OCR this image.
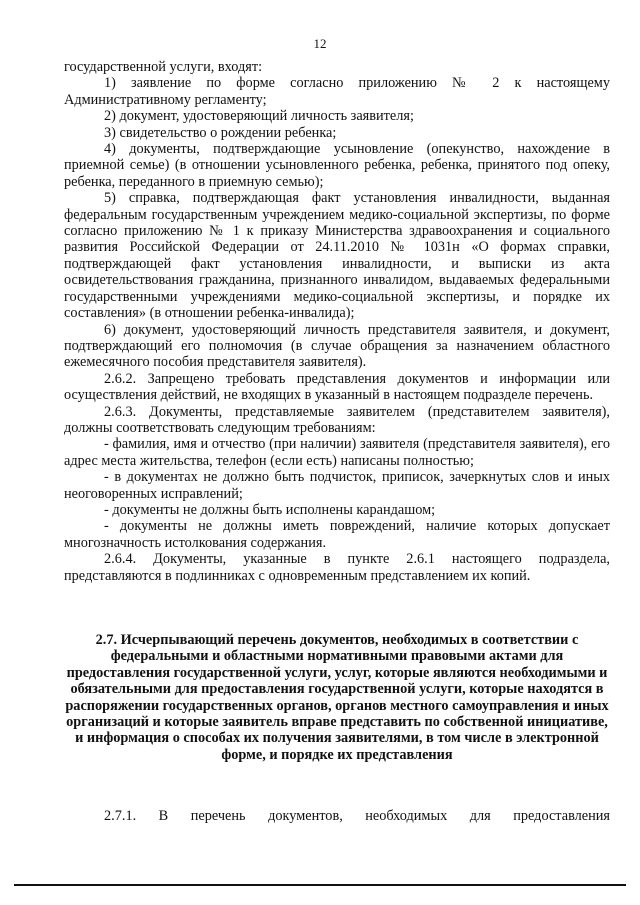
12

государственной услуги, входят:

1) заявление по форме согласно приложению № 2 к настоящему Административному регламенту;

2) документ, удостоверяющий личность заявителя;

3) свидетельство о рождении ребенка;

4) документы, подтверждающие усыновление (опекунство, нахождение в приемной семье) (в отношении усыновленного ребенка, ребенка, принятого под опеку, ребенка, переданного в приемную семью);

5) справка, подтверждающая факт установления инвалидности, выданная федеральным государственным учреждением медико-социальной экспертизы, по форме согласно приложению № 1 к приказу Министерства здравоохранения и социального развития Российской Федерации от 24.11.2010 № 1031н «О формах справки, подтверждающей факт установления инвалидности, и выписки из акта освидетельствования гражданина, признанного инвалидом, выдаваемых федеральными государственными учреждениями медико-социальной экспертизы, и порядке их составления» (в отношении ребенка-инвалида);

6) документ, удостоверяющий личность представителя заявителя, и документ, подтверждающий его полномочия (в случае обращения за назначением областного ежемесячного пособия представителя заявителя).

2.6.2. Запрещено требовать представления документов и информации или осуществления действий, не входящих в указанный в настоящем подразделе перечень.

2.6.3. Документы, представляемые заявителем (представителем заявителя), должны соответствовать следующим требованиям:

- фамилия, имя и отчество (при наличии) заявителя (представителя заявителя), его адрес места жительства, телефон (если есть) написаны полностью;

- в документах не должно быть подчисток, приписок, зачеркнутых слов и иных неоговоренных исправлений;

- документы не должны быть исполнены карандашом;

- документы не должны иметь повреждений, наличие которых допускает многозначность истолкования содержания.

2.6.4. Документы, указанные в пункте 2.6.1 настоящего подраздела, представляются в подлинниках с одновременным представлением их копий.

2.7. Исчерпывающий перечень документов, необходимых в соответствии с федеральными и областными нормативными правовыми актами для предоставления государственной услуги, услуг, которые являются необходимыми и обязательными для предоставления государственной услуги, которые находятся в распоряжении государственных органов, органов местного самоуправления и иных организаций и которые заявитель вправе представить по собственной инициативе, и информация о способах их получения заявителями, в том числе в электронной форме, и порядке их представления
2.7.1. В перечень документов, необходимых для предоставления
